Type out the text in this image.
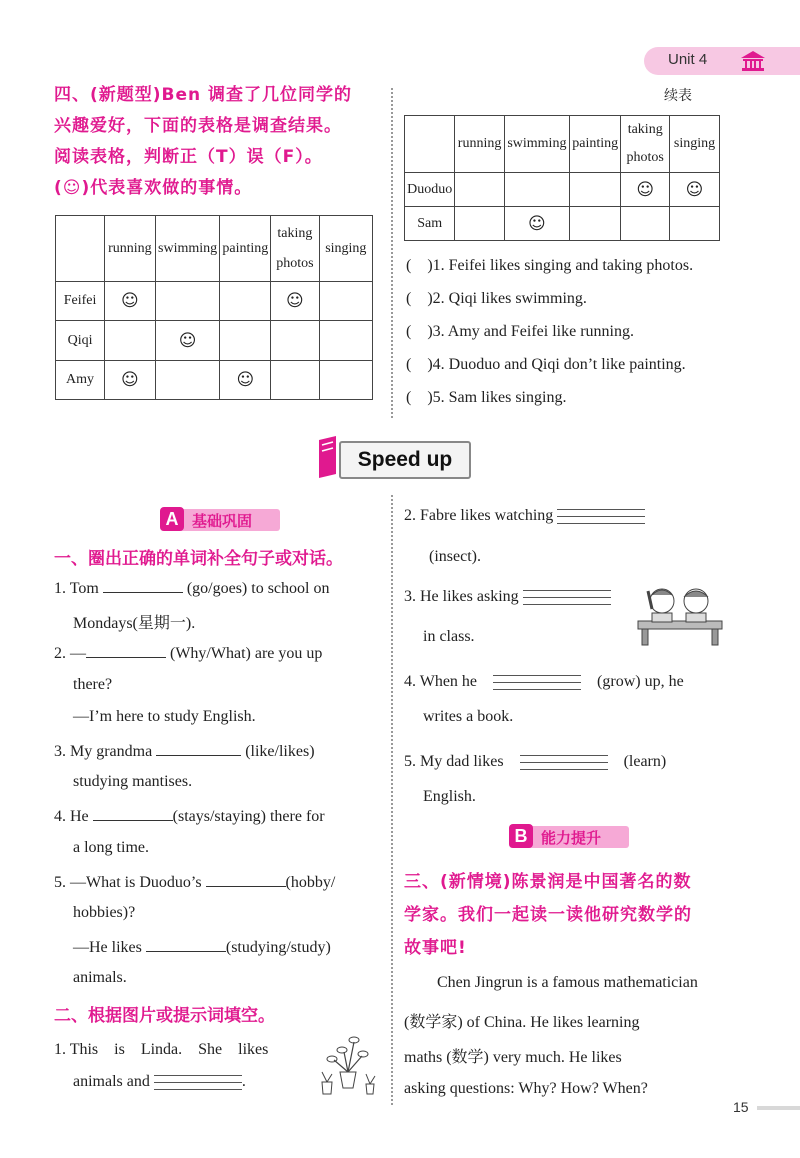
Unit 4
四、(新题型)Ben 调查了几位同学的
兴趣爱好，下面的表格是调查结果。
阅读表格，判断正（T）误（F）。
(☺)代表喜欢做的事情。
	running	swimming	painting	taking
photos	singing
Feifei	☺			☺	
Qiqi		☺			
Amy	☺		☺		
续表
	running	swimming	painting	taking
photos	singing
Duoduo				☺	☺
Sam		☺			
(　)1. Feifei likes singing and taking photos.
(　)2. Qiqi likes swimming.
(　)3. Amy and Feifei like running.
(　)4. Duoduo and Qiqi don’t like painting.
(　)5. Sam likes singing.
Speed up
A 基础巩固
一、圈出正确的单词补全句子或对话。
1. Tom	(go/goes) to school on
Mondays(星期一).
2. —	(Why/What) are you up
there?
—I’m here to study English.
3. My grandma	(like/likes)
studying mantises.
4. He	(stays/staying) there for
a long time.
5. —What is Duoduo’s	(hobby/
hobbies)?
—He likes	(studying/study)
animals.
二、根据图片或提示词填空。
1. This　is　Linda.　She　likes
animals and	.
2. Fabre likes watching
(insect).
3. He likes asking
in class.
4. When he　
　	(grow) up, he
writes a book.
5. My dad likes　
　	(learn)
English.
B 能力提升
三、(新情境)陈景润是中国著名的数
学家。我们一起读一读他研究数学的
故事吧!
Chen Jingrun is a famous mathematician
(数学家) of China. He likes learning
maths (数学) very much. He likes
asking questions: Why? How? When?
15
